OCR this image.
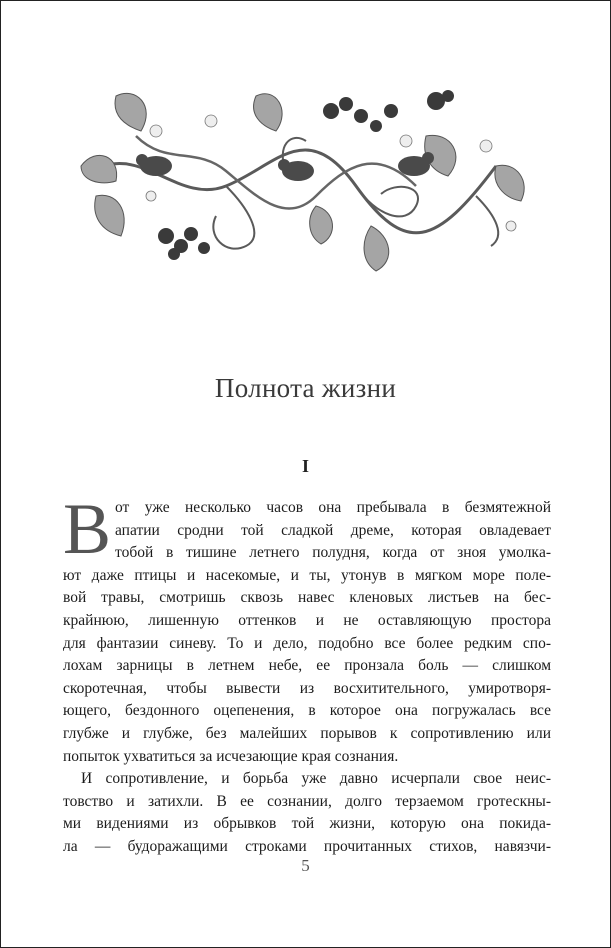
Полнота жизни
I
В от уже несколько часов она пребывала в безмятежной
апатии сродни той сладкой дреме, которая овладевает
тобой в тишине летнего полудня, когда от зноя умолкa-
ют даже птицы и насекомые, и ты, утонув в мягком море поле-
вой травы, смотришь сквозь навес кленовых листьев на бес-
крайнюю, лишенную оттенков и не оставляющую простора
для фантазии синеву. То и дело, подобно все более редким спо-
лохам зарницы в летнем небе, ее пронзала боль — слишком
скоротечная, чтобы вывести из восхитительного, умиротворя-
ющего, бездонного оцепенения, в которое она погружалась все
глубже и глубже, без малейших порывов к сопротивлению или
попыток ухватиться за исчезающие края сознания.
И сопротивление, и борьба уже давно исчерпали свое неис-
товство и затихли. В ее сознании, долго терзаемом гротескны-
ми видениями из обрывков той жизни, которую она покида-
ла — будоражащими строками прочитанных стихов, навязчи-
5
